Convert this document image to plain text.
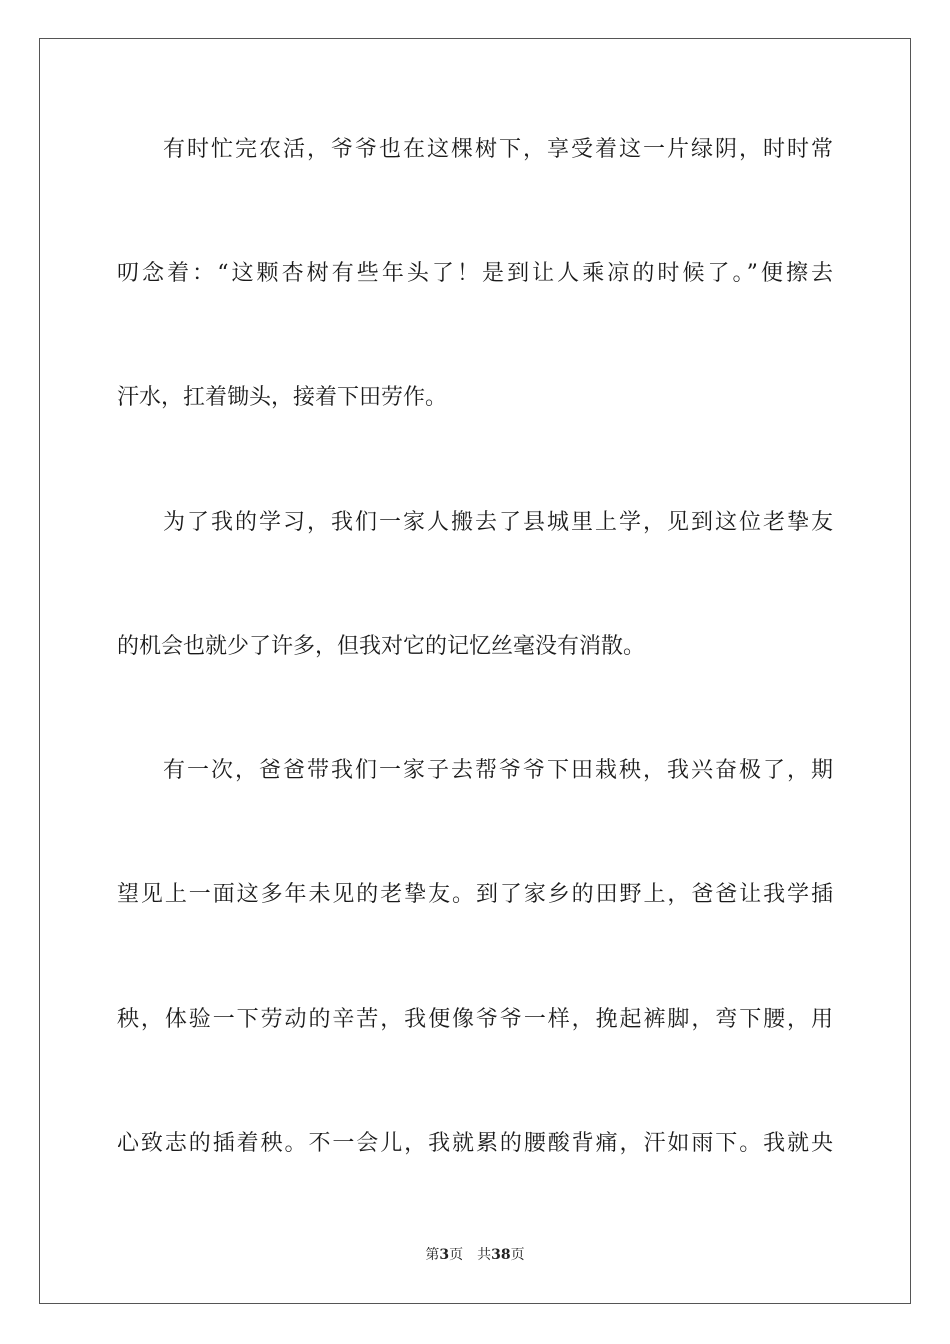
有时忙完农活，爷爷也在这棵树下，享受着这一片绿阴，时时常
叨念着：“这颗杏树有些年头了！是到让人乘凉的时候了。”便擦去
汗水，扛着锄头，接着下田劳作。
为了我的学习，我们一家人搬去了县城里上学，见到这位老挚友
的机会也就少了许多，但我对它的记忆丝毫没有消散。
有一次，爸爸带我们一家子去帮爷爷下田栽秧，我兴奋极了，期
望见上一面这多年未见的老挚友。到了家乡的田野上，爸爸让我学插
秧，体验一下劳动的辛苦，我便像爷爷一样，挽起裤脚，弯下腰，用
心致志的插着秧。不一会儿，我就累的腰酸背痛，汗如雨下。我就央
第3页 共38页
